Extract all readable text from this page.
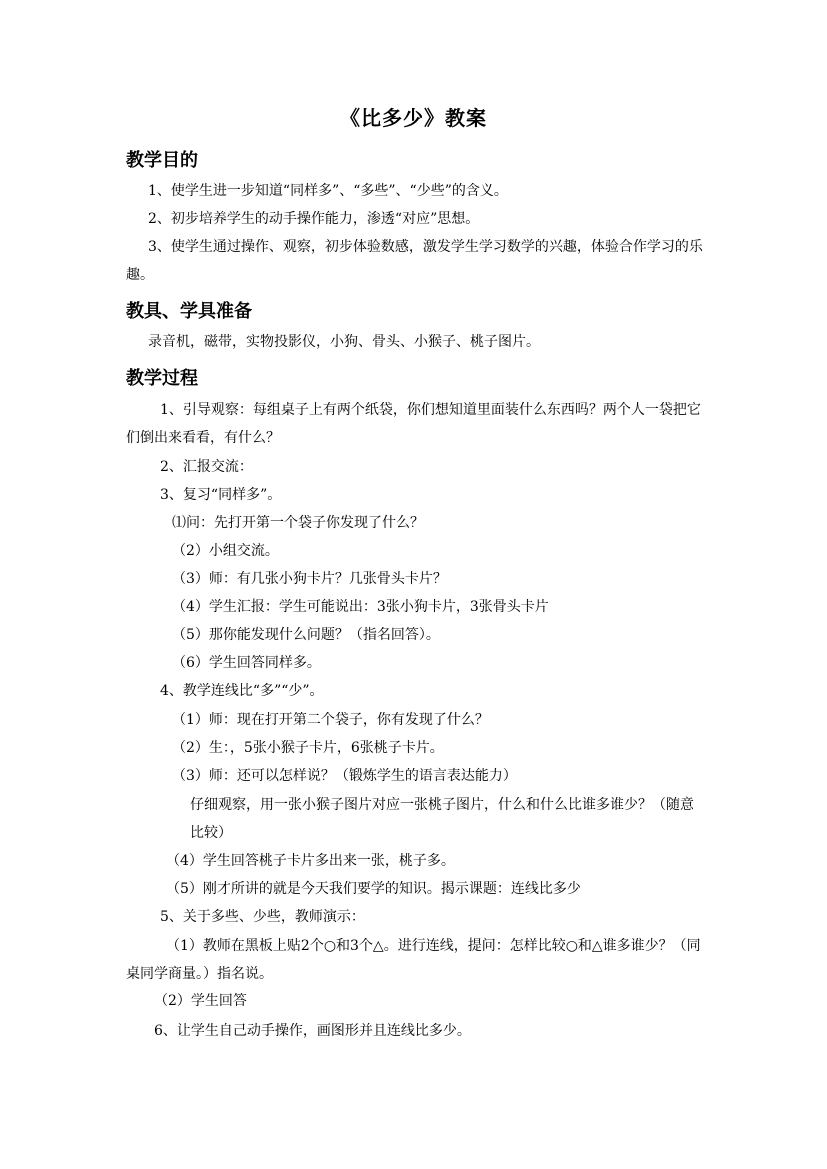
《比多少》教案
教学目的
1、使学生进一步知道“同样多”、“多些”、“少些”的含义。
2、初步培养学生的动手操作能力，渗透“对应”思想。
3、使学生通过操作、观察，初步体验数感，激发学生学习数学的兴趣，体验合作学习的乐趣。
教具、学具准备
录音机，磁带，实物投影仪，小狗、骨头、小猴子、桃子图片。
教学过程
1、引导观察：每组桌子上有两个纸袋，你们想知道里面装什么东西吗？两个人一袋把它们倒出来看看，有什么？
2、汇报交流：
3、复习“同样多”。
⑴问：先打开第一个袋子你发现了什么？
（2）小组交流。
（3）师：有几张小狗卡片？几张骨头卡片？
（4）学生汇报：学生可能说出：3张小狗卡片，3张骨头卡片
（5）那你能发现什么问题？（指名回答）。
（6）学生回答同样多。
4、教学连线比“多”“少”。
（1）师：现在打开第二个袋子，你有发现了什么？
（2）生：，5张小猴子卡片，6张桃子卡片。
（3）师：还可以怎样说？（锻炼学生的语言表达能力）
仔细观察，用一张小猴子图片对应一张桃子图片，什么和什么比谁多谁少？（随意比较）
（4）学生回答桃子卡片多出来一张，桃子多。
（5）刚才所讲的就是今天我们要学的知识。揭示课题：连线比多少
5、关于多些、少些，教师演示：
（1）教师在黑板上贴2个○和3个△。进行连线，提问：怎样比较○和△谁多谁少？（同桌同学商量。）指名说。
（2）学生回答
6、让学生自己动手操作，画图形并且连线比多少。
